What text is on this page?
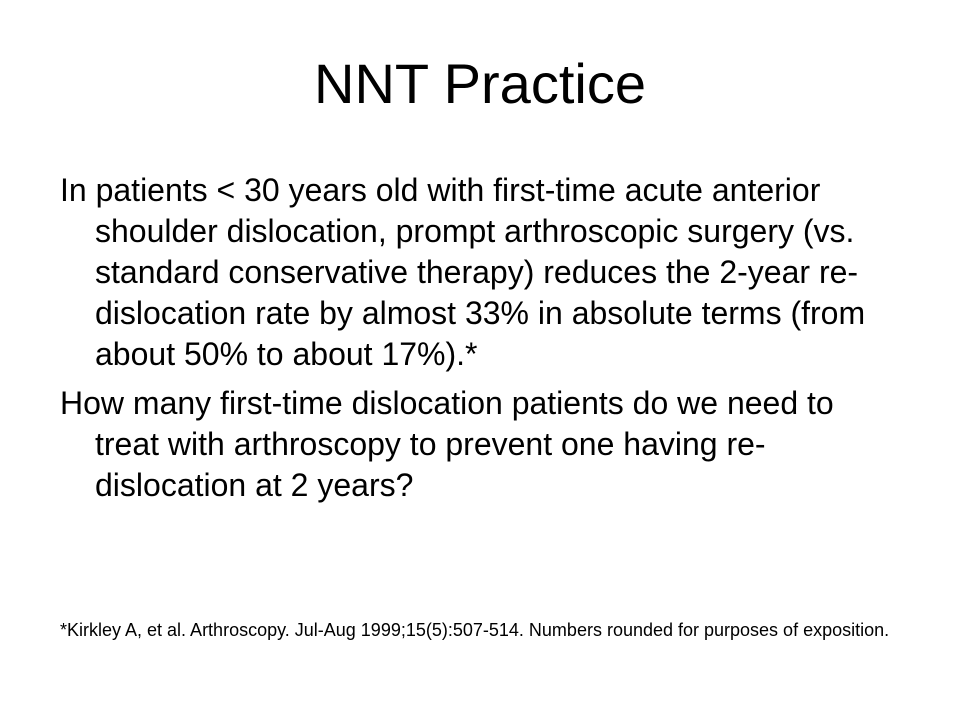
NNT Practice

In patients < 30 years old with first-time acute anterior shoulder dislocation, prompt arthroscopic surgery (vs. standard conservative therapy) reduces the 2-year re-dislocation rate by almost 33% in absolute terms (from about 50% to about 17%).*

How many first-time dislocation patients do we need to treat with arthroscopy to prevent one having re-dislocation at 2 years?

*Kirkley A, et al. Arthroscopy. Jul-Aug 1999;15(5):507-514. Numbers rounded for purposes of exposition.
